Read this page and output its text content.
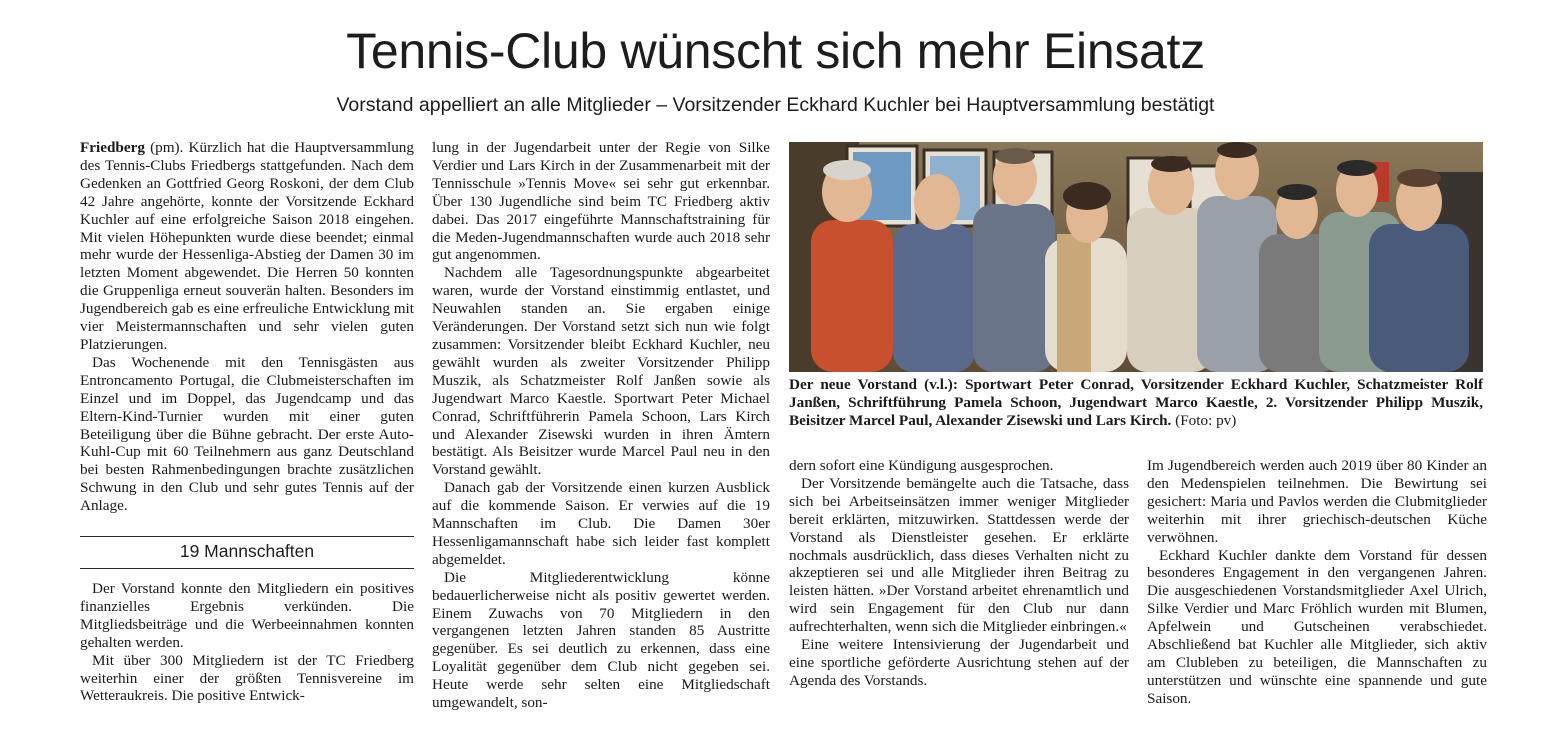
Tennis-Club wünscht sich mehr Einsatz
Vorstand appelliert an alle Mitglieder – Vorsitzender Eckhard Kuchler bei Hauptversammlung bestätigt

Friedberg (pm). Kürzlich hat die Hauptversammlung des Tennis-Clubs Friedbergs stattgefunden. Nach dem Gedenken an Gottfried Georg Roskoni, der dem Club 42 Jahre angehörte, konnte der Vorsitzende Eckhard Kuchler auf eine erfolgreiche Saison 2018 eingehen. Mit vielen Höhepunkten wurde diese beendet; einmal mehr wurde der Hessenliga-Abstieg der Damen 30 im letzten Moment abgewendet. Die Herren 50 konnten die Gruppenliga erneut souverän halten. Besonders im Jugendbereich gab es eine erfreuliche Entwicklung mit vier Meistermannschaften und sehr vielen guten Platzierungen.

Das Wochenende mit den Tennisgästen aus Entroncamento Portugal, die Clubmeisterschaften im Einzel und im Doppel, das Jugendcamp und das Eltern-Kind-Turnier wurden mit einer guten Beteiligung über die Bühne gebracht. Der erste Auto-Kuhl-Cup mit 60 Teilnehmern aus ganz Deutschland bei besten Rahmenbedingungen brachte zusätzlichen Schwung in den Club und sehr gutes Tennis auf der Anlage.

19 Mannschaften

Der Vorstand konnte den Mitgliedern ein positives finanzielles Ergebnis verkünden. Die Mitgliedsbeiträge und die Werbeeinnahmen konnten gehalten werden.

Mit über 300 Mitgliedern ist der TC Friedberg weiterhin einer der größten Tennisvereine im Wetteraukreis. Die positive Entwick-

lung in der Jugendarbeit unter der Regie von Silke Verdier und Lars Kirch in der Zusammenarbeit mit der Tennisschule »Tennis Move« sei sehr gut erkennbar. Über 130 Jugendliche sind beim TC Friedberg aktiv dabei. Das 2017 eingeführte Mannschaftstraining für die Meden-Jugendmannschaften wurde auch 2018 sehr gut angenommen.

Nachdem alle Tagesordnungspunkte abgearbeitet waren, wurde der Vorstand einstimmig entlastet, und Neuwahlen standen an. Sie ergaben einige Veränderungen. Der Vorstand setzt sich nun wie folgt zusammen: Vorsitzender bleibt Eckhard Kuchler, neu gewählt wurden als zweiter Vorsitzender Philipp Muszik, als Schatzmeister Rolf Janßen sowie als Jugendwart Marco Kaestle. Sportwart Peter Michael Conrad, Schriftführerin Pamela Schoon, Lars Kirch und Alexander Zisewski wurden in ihren Ämtern bestätigt. Als Beisitzer wurde Marcel Paul neu in den Vorstand gewählt.

Danach gab der Vorsitzende einen kurzen Ausblick auf die kommende Saison. Er verwies auf die 19 Mannschaften im Club. Die Damen 30er Hessenligamannschaft habe sich leider fast komplett abgemeldet.

Die Mitgliederentwicklung könne bedauerlicherweise nicht als positiv gewertet werden. Einem Zuwachs von 70 Mitgliedern in den vergangenen letzten Jahren standen 85 Austritte gegenüber. Es sei deutlich zu erkennen, dass eine Loyalität gegenüber dem Club nicht gegeben sei. Heute werde sehr selten eine Mitgliedschaft umgewandelt, son-

Der neue Vorstand (v.l.): Sportwart Peter Conrad, Vorsitzender Eckhard Kuchler, Schatzmeister Rolf Janßen, Schriftführung Pamela Schoon, Jugendwart Marco Kaestle, 2. Vorsitzender Philipp Muszik, Beisitzer Marcel Paul, Alexander Zisewski und Lars Kirch. (Foto: pv)

dern sofort eine Kündigung ausgesprochen.

Der Vorsitzende bemängelte auch die Tatsache, dass sich bei Arbeitseinsätzen immer weniger Mitglieder bereit erklärten, mitzuwirken. Stattdessen werde der Vorstand als Dienstleister gesehen. Er erklärte nochmals ausdrücklich, dass dieses Verhalten nicht zu akzeptieren sei und alle Mitglieder ihren Beitrag zu leisten hätten. »Der Vorstand arbeitet ehrenamtlich und wird sein Engagement für den Club nur dann aufrechterhalten, wenn sich die Mitglieder einbringen.«

Eine weitere Intensivierung der Jugendarbeit und eine sportliche geförderte Ausrichtung stehen auf der Agenda des Vorstands.

Im Jugendbereich werden auch 2019 über 80 Kinder an den Medenspielen teilnehmen. Die Bewirtung sei gesichert: Maria und Pavlos werden die Clubmitglieder weiterhin mit ihrer griechisch-deutschen Küche verwöhnen.

Eckhard Kuchler dankte dem Vorstand für dessen besonderes Engagement in den vergangenen Jahren. Die ausgeschiedenen Vorstandsmitglieder Axel Ulrich, Silke Verdier und Marc Fröhlich wurden mit Blumen, Apfelwein und Gutscheinen verabschiedet. Abschließend bat Kuchler alle Mitglieder, sich aktiv am Clubleben zu beteiligen, die Mannschaften zu unterstützen und wünschte eine spannende und gute Saison.
